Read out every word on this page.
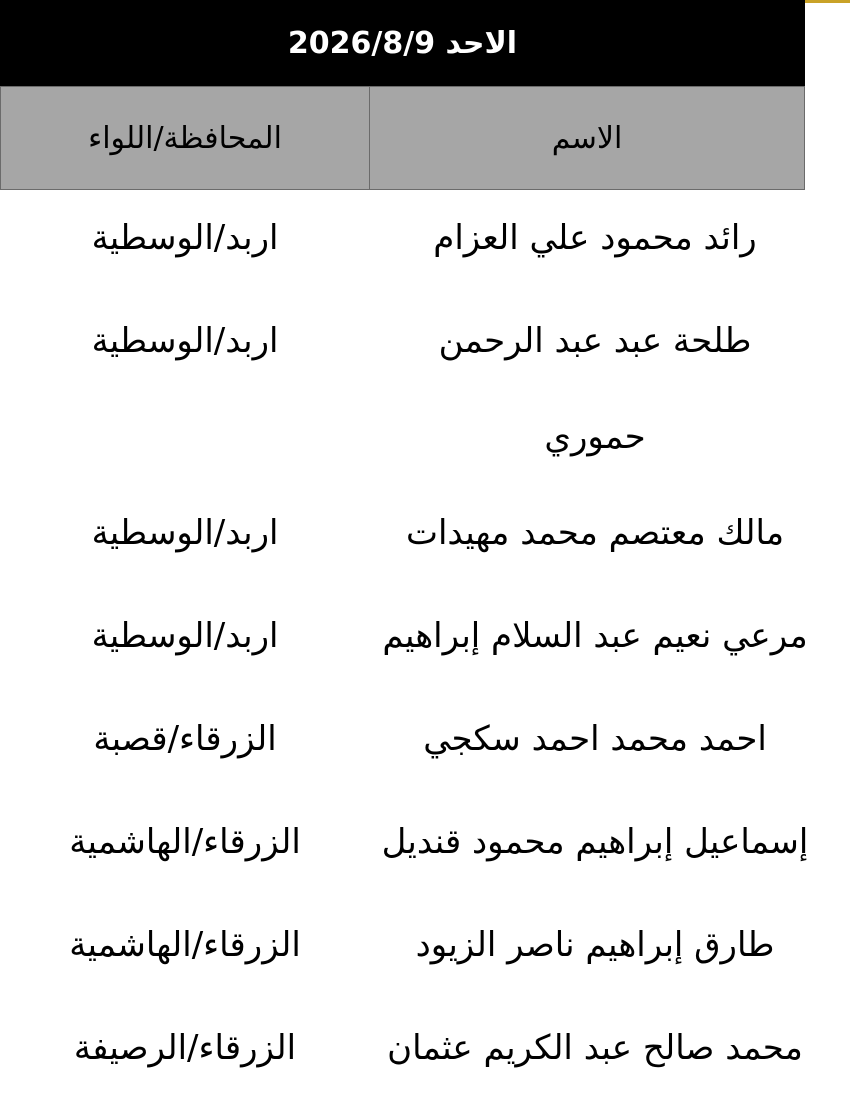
الاحد 2026/8/9
المحافظة/اللواء	الاسم
اربد/الوسطية	رائد محمود علي العزام
اربد/الوسطية	طلحة عبد عبد الرحمن حموري
اربد/الوسطية	مالك معتصم محمد مهيدات
اربد/الوسطية	مرعي نعيم عبد السلام إبراهيم
الزرقاء/قصبة	احمد محمد احمد سكجي
الزرقاء/الهاشمية	إسماعيل إبراهيم محمود قنديل
الزرقاء/الهاشمية	طارق إبراهيم ناصر الزيود
الزرقاء/الرصيفة	محمد صالح عبد الكريم عثمان
